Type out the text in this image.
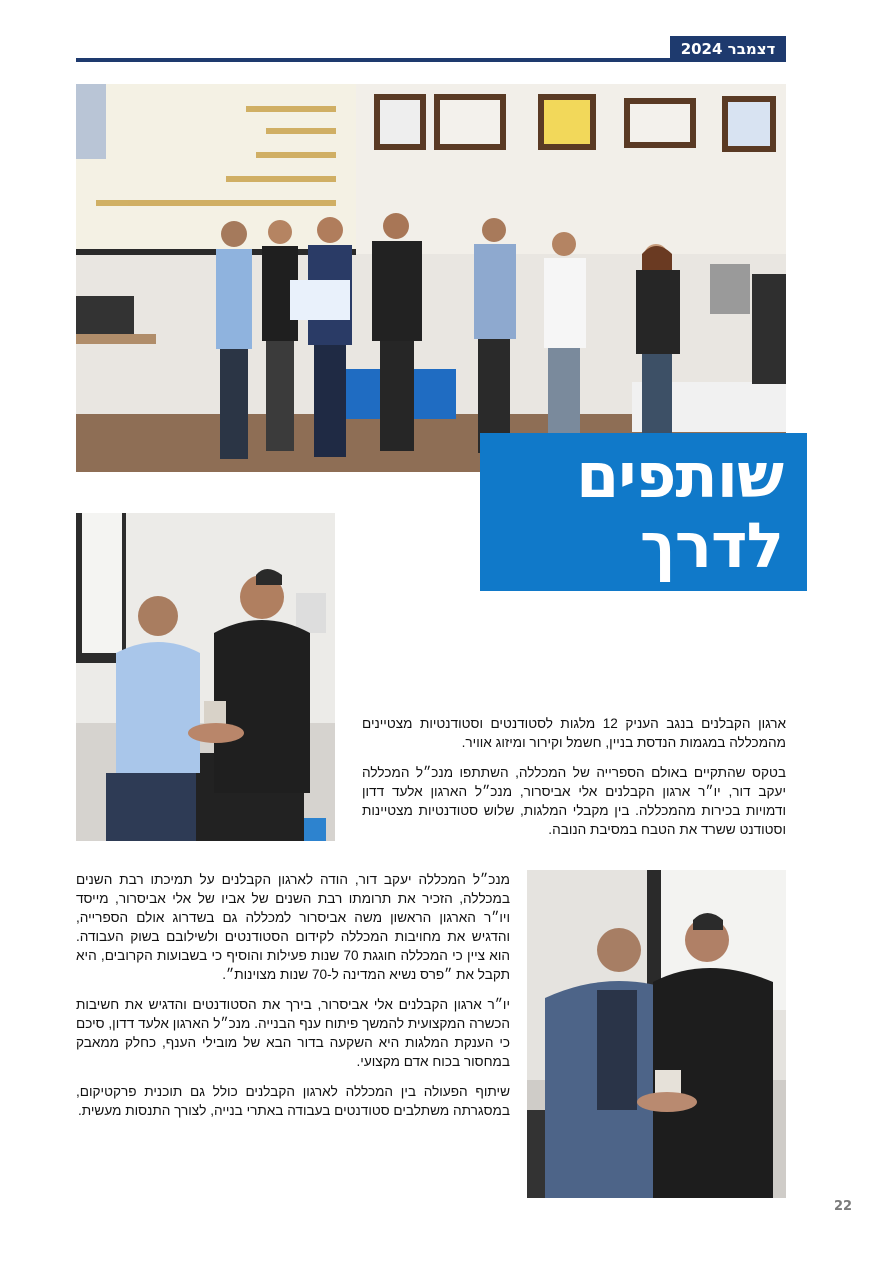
דצמבר 2024
שותפים
לדרך

ארגון הקבלנים בנגב העניק 12 מלגות לסטודנטים וסטודנטיות מצטיינים מהמכללה במגמות הנדסת בניין, חשמל וקירור ומיזוג אוויר.

בטקס שהתקיים באולם הספרייה של המכללה, השתתפו מנכ״ל המכללה יעקב דור, יו״ר ארגון הקבלנים אלי אביסרור, מנכ״ל הארגון אלעד דדון ודמויות בכירות מהמכללה. בין מקבלי המלגות, שלוש סטודנטיות מצטיינות וסטודנט ששרד את הטבח במסיבת הנובה.

מנכ״ל המכללה יעקב דור, הודה לארגון הקבלנים על תמיכתו רבת השנים במכללה, הזכיר את תרומתו רבת השנים של אביו של אלי אביסרור, מייסד ויו״ר הארגון הראשון משה אביסרור למכללה גם בשדרוג אולם הספרייה, והדגיש את מחויבות המכללה לקידום הסטודנטים ולשילובם בשוק העבודה. הוא ציין כי המכללה חוגגת 70 שנות פעילות והוסיף כי בשבועות הקרובים, היא תקבל את ״פרס נשיא המדינה ל-70 שנות מצוינות״.

יו״ר ארגון הקבלנים אלי אביסרור, בירך את הסטודנטים והדגיש את חשיבות הכשרה המקצועית להמשך פיתוח ענף הבנייה. מנכ״ל הארגון אלעד דדון, סיכם כי הענקת המלגות היא השקעה בדור הבא של מובילי הענף, כחלק ממאבק במחסור בכוח אדם מקצועי.

שיתוף הפעולה בין המכללה לארגון הקבלנים כולל גם תוכנית פרקטיקום, במסגרתה משתלבים סטודנטים בעבודה באתרי בנייה, לצורך התנסות מעשית.

22
